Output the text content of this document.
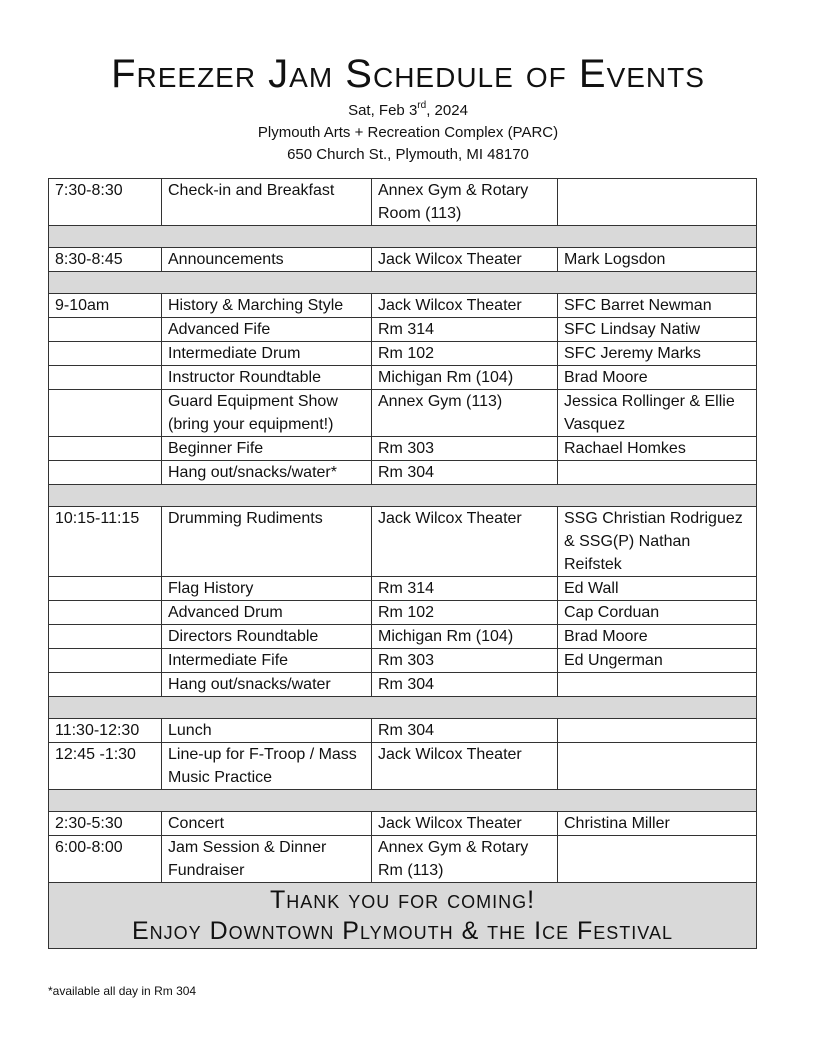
Freezer Jam Schedule of Events
Sat, Feb 3rd, 2024
Plymouth Arts + Recreation Complex (PARC)
650 Church St., Plymouth, MI 48170
7:30-8:30	Check-in and Breakfast	Annex Gym & Rotary Room (113)	

8:30-8:45	Announcements	Jack Wilcox Theater	Mark Logsdon

9-10am	History & Marching Style	Jack Wilcox Theater	SFC Barret Newman
	Advanced Fife	Rm 314	SFC Lindsay Natiw
	Intermediate Drum	Rm 102	SFC Jeremy Marks
	Instructor Roundtable	Michigan Rm (104)	Brad Moore
	Guard Equipment Show (bring your equipment!)	Annex Gym (113)	Jessica Rollinger & Ellie Vasquez
	Beginner Fife	Rm 303	Rachael Homkes
	Hang out/snacks/water*	Rm 304	

10:15-11:15	Drumming Rudiments	Jack Wilcox Theater	SSG Christian Rodriguez & SSG(P) Nathan Reifstek
	Flag History	Rm 314	Ed Wall
	Advanced Drum	Rm 102	Cap Corduan
	Directors Roundtable	Michigan Rm (104)	Brad Moore
	Intermediate Fife	Rm 303	Ed Ungerman
	Hang out/snacks/water	Rm 304	

11:30-12:30	Lunch	Rm 304	
12:45 -1:30	Line-up for F-Troop / Mass Music Practice	Jack Wilcox Theater	

2:30-5:30	Concert	Jack Wilcox Theater	Christina Miller
6:00-8:00	Jam Session & Dinner Fundraiser	Annex Gym & Rotary Rm (113)	

Thank you for coming!
Enjoy Downtown Plymouth & the Ice Festival			
*available all day in Rm 304
